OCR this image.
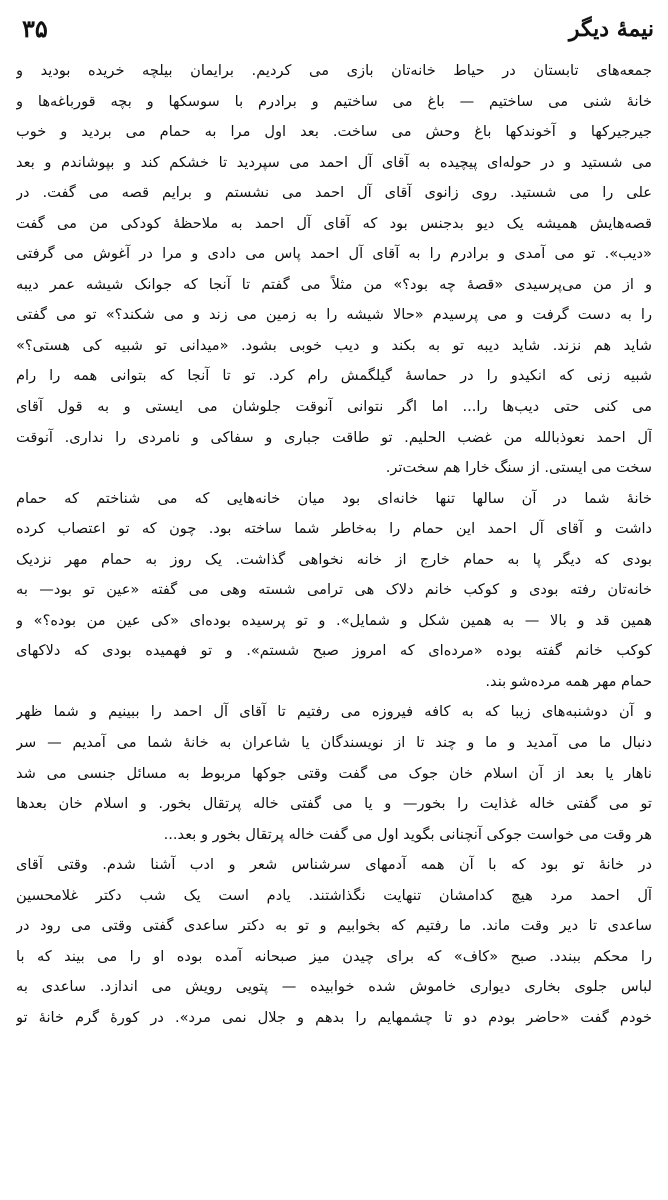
نیمهٔ دیگر
۳۵
جمعه‌های تابستان در حیاط خانه‌تان بازی می کردیم. برایمان بیلچه خریده بودید و
خانهٔ شنی می ساختیم — باغ می ساختیم و برادرم با سوسکها و بچه قورباغه‌ها و
جیرجیرکها و آخوندکها باغ وحش می ساخت. بعد اول مرا به حمام می بردید و خوب
می شستید و در حوله‌ای پیچیده به آقای آل احمد می سپردید تا خشکم کند و بپوشاندم و بعد
علی را می شستید. روی زانوی آقای آل احمد می نشستم و برایم قصه می گفت. در
قصه‌هایش همیشه یک دیو بدجنس بود که آقای آل احمد به ملاحظهٔ کودکی من می گفت
«دیب». تو می آمدی و برادرم را به آقای آل احمد پاس می دادی و مرا در آغوش می گرفتی
و از من می‌پرسیدی «قصهٔ چه بود؟» من مثلاً می گفتم تا آنجا که جوانک شیشه عمر دیبه
را به دست گرفت و می پرسیدم «حالا شیشه را به زمین می زند و می شکند؟» تو می گفتی
شاید هم نزند. شاید دیبه تو به بکند و دیب خوبی بشود. «میدانی تو شبیه کی هستی؟»
شبیه زنی که انکیدو را در حماسهٔ گیلگمش رام کرد. تو تا آنجا که بتوانی همه را رام
می کنی حتی دیب‌ها را... اما اگر نتوانی آنوقت جلوشان می ایستی و به قول آقای
آل احمد نعوذبالله من غضب الحلیم. تو طاقت جباری و سفاکی و نامردی را نداری. آنوقت
سخت می ایستی. از سنگ خارا هم سخت‌تر.
خانهٔ شما در آن سالها تنها خانه‌ای بود میان خانه‌هایی که می شناختم که حمام
داشت و آقای آل احمد این حمام را به‌خاطر شما ساخته بود. چون که تو اعتصاب کرده
بودی که دیگر پا به حمام خارج از خانه نخواهی گذاشت. یک روز به حمام مهر نزدیک
خانه‌تان رفته بودی و کوکب خانم دلاک هی ترامی شسته وهی می گفته «عین تو بود— به
همین قد و بالا — به همین شکل و شمایل». و تو پرسیده بوده‌ای «کی عین من بوده؟» و
کوکب خانم گفته بوده «مرده‌ای که امروز صبح شستم». و تو فهمیده بودی که دلاکهای
حمام مهر همه مرده‌شو بند.
و آن دوشنبه‌های زیبا که به کافه فیروزه می رفتیم تا آقای آل احمد را ببینیم و شما ظهر
دنبال ما می آمدید و ما و چند تا از نویسندگان یا شاعران به خانهٔ شما می آمدیم — سر
ناهار یا بعد از آن اسلام خان جوک می گفت وقتی جوکها مربوط به مسائل جنسی می شد
تو می گفتی خاله غذایت را بخور— و یا می گفتی خاله پرتقال بخور. و اسلام خان بعدها
هر وقت می خواست جوکی آنچنانی بگوید اول می گفت خاله پرتقال بخور و بعد...
در خانهٔ تو بود که با آن همه آدمهای سرشناس شعر و ادب آشنا شدم. وقتی آقای
آل احمد مرد هیچ کدامشان تنهایت نگذاشتند. یادم است یک شب دکتر غلامحسین
ساعدی تا دیر وقت ماند. ما رفتیم که بخوابیم و تو به دکتر ساعدی گفتی وقتی می رود در
را محکم ببندد. صبح «کاف» که برای چیدن میز صبحانه آمده بوده او را می بیند که با
لباس جلوی بخاری دیواری خاموش شده خوابیده — پتویی رویش می اندازد. ساعدی به
خودم گفت «حاضر بودم دو تا چشمهایم را بدهم و جلال نمی مرد». در کورهٔ گرم خانهٔ تو
